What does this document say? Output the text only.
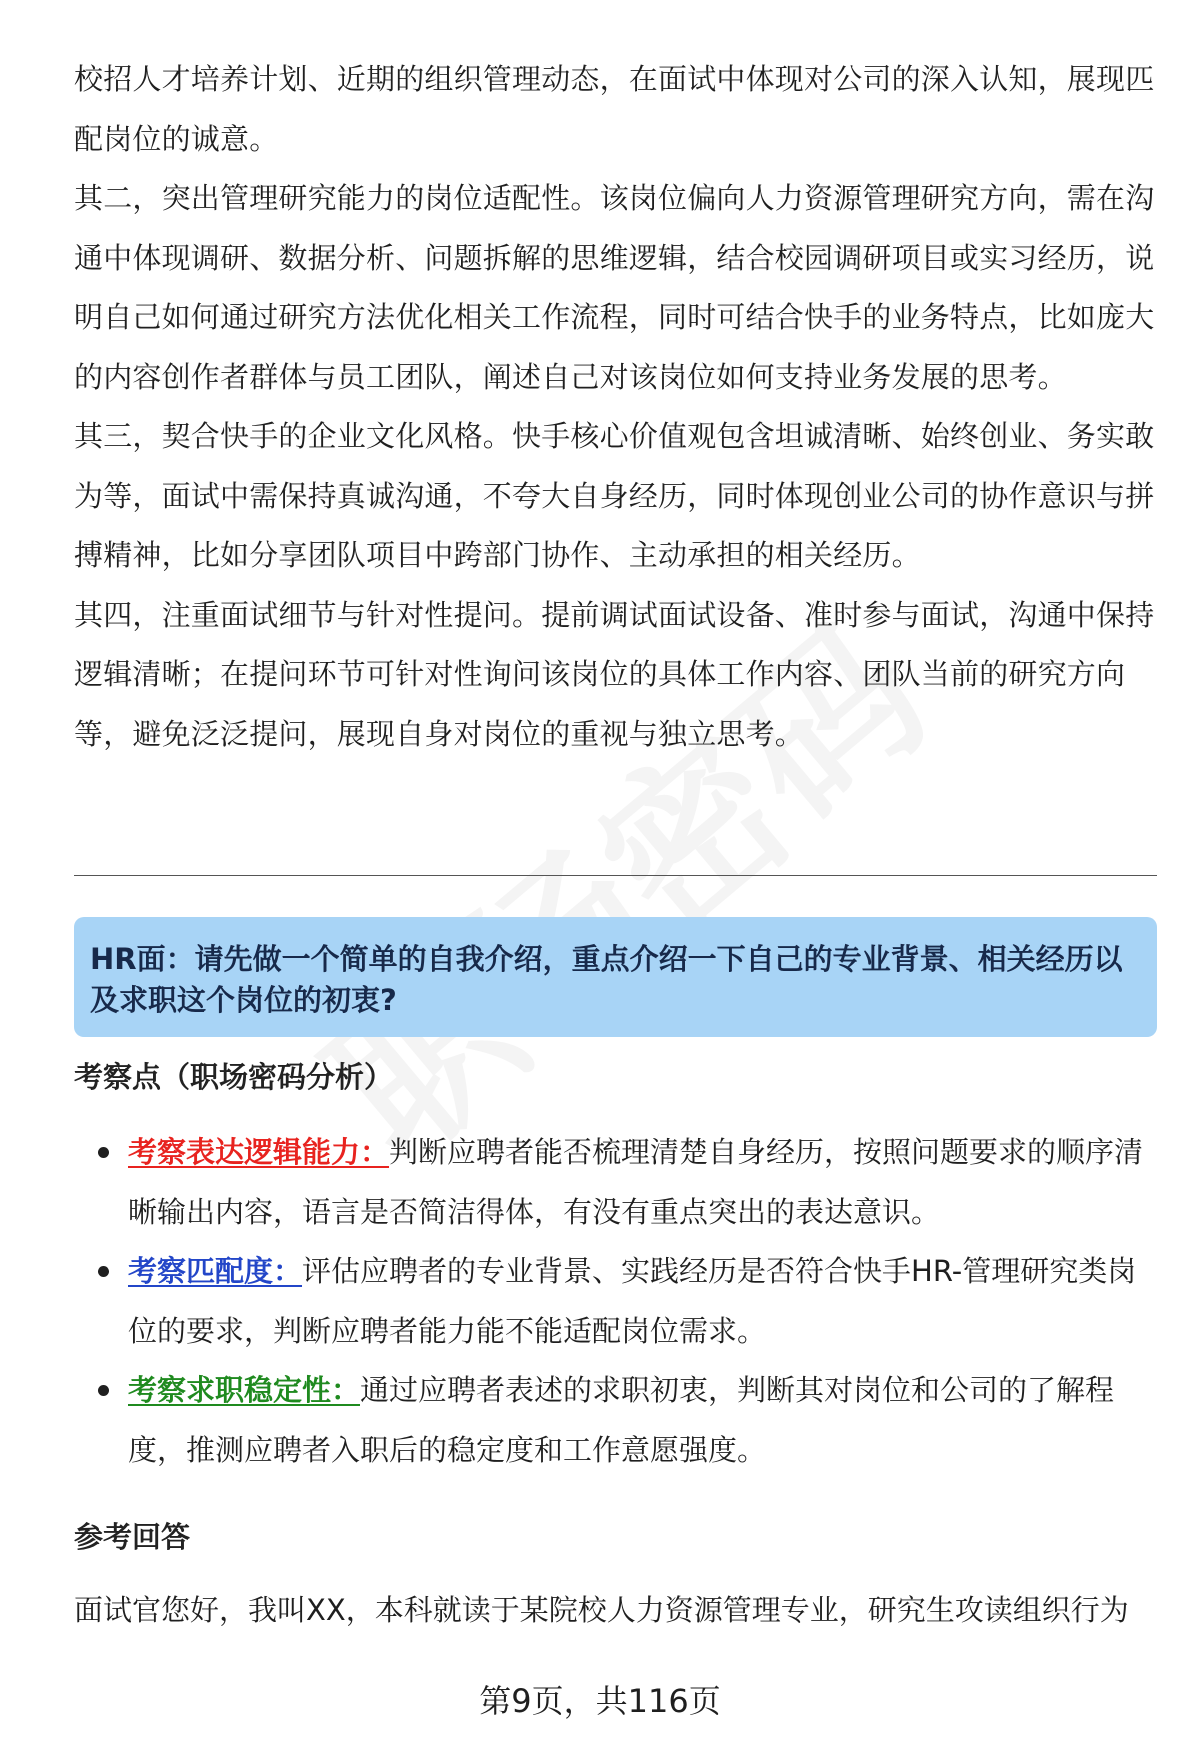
校招人才培养计划、近期的组织管理动态，在面试中体现对公司的深入认知，展现匹配岗位的诚意。

其二，突出管理研究能力的岗位适配性。该岗位偏向人力资源管理研究方向，需在沟通中体现调研、数据分析、问题拆解的思维逻辑，结合校园调研项目或实习经历，说明自己如何通过研究方法优化相关工作流程，同时可结合快手的业务特点，比如庞大的内容创作者群体与员工团队，阐述自己对该岗位如何支持业务发展的思考。

其三，契合快手的企业文化风格。快手核心价值观包含坦诚清晰、始终创业、务实敢为等，面试中需保持真诚沟通，不夸大自身经历，同时体现创业公司的协作意识与拼搏精神，比如分享团队项目中跨部门协作、主动承担的相关经历。

其四，注重面试细节与针对性提问。提前调试面试设备、准时参与面试，沟通中保持逻辑清晰；在提问环节可针对性询问该岗位的具体工作内容、团队当前的研究方向等，避免泛泛提问，展现自身对岗位的重视与独立思考。

HR面：请先做一个简单的自我介绍，重点介绍一下自己的专业背景、相关经历以及求职这个岗位的初衷?
考察点（职场密码分析）
考察表达逻辑能力：判断应聘者能否梳理清楚自身经历，按照问题要求的顺序清晰输出内容，语言是否简洁得体，有没有重点突出的表达意识。
考察匹配度：评估应聘者的专业背景、实践经历是否符合快手HR-管理研究类岗位的要求，判断应聘者能力能不能适配岗位需求。
考察求职稳定性：通过应聘者表述的求职初衷，判断其对岗位和公司的了解程度，推测应聘者入职后的稳定度和工作意愿强度。
参考回答
面试官您好，我叫XX，本科就读于某院校人力资源管理专业，研究生攻读组织行为
第9页，共116页
